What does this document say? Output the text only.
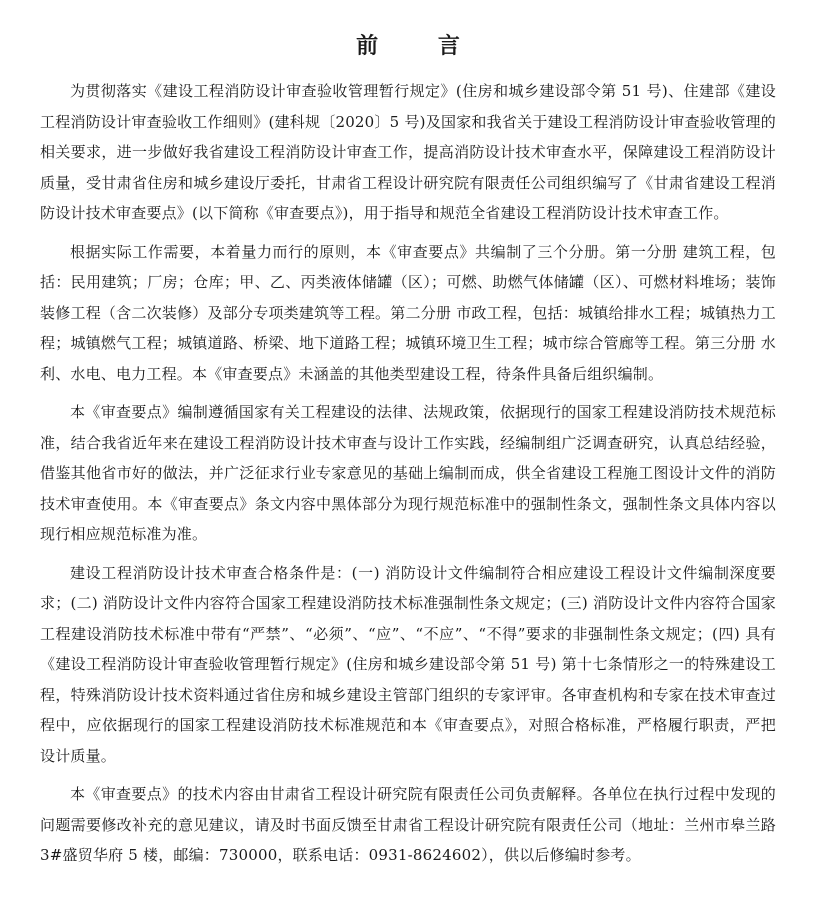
前 言

为贯彻落实《建设工程消防设计审查验收管理暂行规定》(住房和城乡建设部令第 51 号)、住建部《建设工程消防设计审查验收工作细则》(建科规〔2020〕5 号)及国家和我省关于建设工程消防设计审查验收管理的相关要求，进一步做好我省建设工程消防设计审查工作，提高消防设计技术审查水平，保障建设工程消防设计质量，受甘肃省住房和城乡建设厅委托，甘肃省工程设计研究院有限责任公司组织编写了《甘肃省建设工程消防设计技术审查要点》(以下简称《审查要点》)，用于指导和规范全省建设工程消防设计技术审查工作。

根据实际工作需要，本着量力而行的原则，本《审查要点》共编制了三个分册。第一分册 建筑工程，包括：民用建筑；厂房；仓库；甲、乙、丙类液体储罐（区）；可燃、助燃气体储罐（区）、可燃材料堆场；装饰装修工程（含二次装修）及部分专项类建筑等工程。第二分册 市政工程，包括：城镇给排水工程；城镇热力工程；城镇燃气工程；城镇道路、桥梁、地下道路工程；城镇环境卫生工程；城市综合管廊等工程。第三分册 水利、水电、电力工程。本《审查要点》未涵盖的其他类型建设工程，待条件具备后组织编制。

本《审查要点》编制遵循国家有关工程建设的法律、法规政策，依据现行的国家工程建设消防技术规范标准，结合我省近年来在建设工程消防设计技术审查与设计工作实践，经编制组广泛调查研究，认真总结经验，借鉴其他省市好的做法，并广泛征求行业专家意见的基础上编制而成，供全省建设工程施工图设计文件的消防技术审查使用。本《审查要点》条文内容中黑体部分为现行规范标准中的强制性条文，强制性条文具体内容以现行相应规范标准为准。

建设工程消防设计技术审查合格条件是：(一) 消防设计文件编制符合相应建设工程设计文件编制深度要求；(二) 消防设计文件内容符合国家工程建设消防技术标准强制性条文规定；(三) 消防设计文件内容符合国家工程建设消防技术标准中带有“严禁”、“必须”、“应”、“不应”、“不得”要求的非强制性条文规定；(四) 具有《建设工程消防设计审查验收管理暂行规定》(住房和城乡建设部令第 51 号) 第十七条情形之一的特殊建设工程，特殊消防设计技术资料通过省住房和城乡建设主管部门组织的专家评审。各审查机构和专家在技术审查过程中，应依据现行的国家工程建设消防技术标准规范和本《审查要点》，对照合格标准，严格履行职责，严把设计质量。

本《审查要点》的技术内容由甘肃省工程设计研究院有限责任公司负责解释。各单位在执行过程中发现的问题需要修改补充的意见建议，请及时书面反馈至甘肃省工程设计研究院有限责任公司（地址：兰州市皋兰路 3#盛贸华府 5 楼，邮编：730000，联系电话：0931-8624602），供以后修编时参考。
